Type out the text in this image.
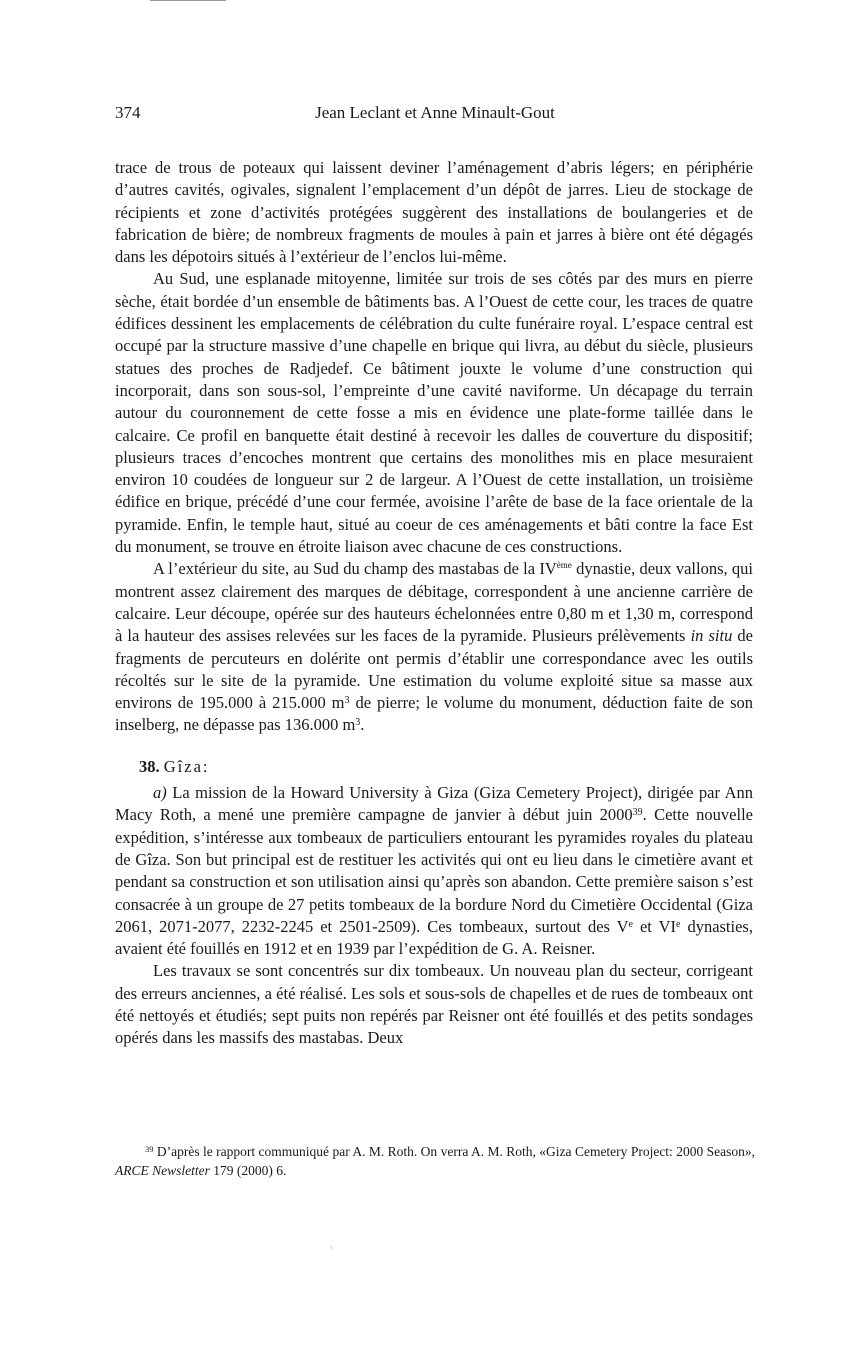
374	Jean Leclant et Anne Minault-Gout

trace de trous de poteaux qui laissent deviner l’aménagement d’abris légers; en périphérie d’autres cavités, ogivales, signalent l’emplacement d’un dépôt de jarres. Lieu de stockage de récipients et zone d’activités protégées suggèrent des installations de boulangeries et de fabrication de bière; de nombreux fragments de moules à pain et jarres à bière ont été dégagés dans les dépotoirs situés à l’extérieur de l’enclos lui-même.

Au Sud, une esplanade mitoyenne, limitée sur trois de ses côtés par des murs en pierre sèche, était bordée d’un ensemble de bâtiments bas. A l’Ouest de cette cour, les traces de quatre édifices dessinent les emplacements de célébration du culte funéraire royal. L’espace central est occupé par la structure massive d’une chapelle en brique qui livra, au début du siècle, plusieurs statues des proches de Radjedef. Ce bâtiment jouxte le volume d’une construction qui incorporait, dans son sous-sol, l’empreinte d’une cavité naviforme. Un décapage du terrain autour du couronnement de cette fosse a mis en évidence une plate-forme taillée dans le calcaire. Ce profil en banquette était destiné à recevoir les dalles de couverture du dispositif; plusieurs traces d’encoches montrent que certains des monolithes mis en place mesuraient environ 10 coudées de longueur sur 2 de largeur. A l’Ouest de cette installation, un troisième édifice en brique, précédé d’une cour fermée, avoisine l’arête de base de la face orientale de la pyramide. Enfin, le temple haut, situé au coeur de ces aménagements et bâti contre la face Est du monument, se trouve en étroite liaison avec chacune de ces constructions.

A l’extérieur du site, au Sud du champ des mastabas de la IVème dynastie, deux vallons, qui montrent assez clairement des marques de débitage, correspondent à une ancienne carrière de calcaire. Leur découpe, opérée sur des hauteurs échelonnées entre 0,80 m et 1,30 m, correspond à la hauteur des assises relevées sur les faces de la pyramide. Plusieurs prélèvements in situ de fragments de percuteurs en dolérite ont permis d’établir une correspondance avec les outils récoltés sur le site de la pyramide. Une estimation du volume exploité situe sa masse aux environs de 195.000 à 215.000 $m^3$ de pierre; le volume du monument, déduction faite de son inselberg, ne dépasse pas 136.000 $m^3$.

38. Gîza:

a) La mission de la Howard University à Giza (Giza Cemetery Project), dirigée par Ann Macy Roth, a mené une première campagne de janvier à début juin 2000$^{39}$. Cette nouvelle expédition, s’intéresse aux tombeaux de particuliers entourant les pyramides royales du plateau de Gîza. Son but principal est de restituer les activités qui ont eu lieu dans le cimetière avant et pendant sa construction et son utilisation ainsi qu’après son abandon. Cette première saison s’est consacrée à un groupe de 27 petits tombeaux de la bordure Nord du Cimetière Occidental (Giza 2061, 2071-2077, 2232-2245 et 2501-2509). Ces tombeaux, surtout des Ve et VIe dynasties, avaient été fouillés en 1912 et en 1939 par l’expédition de G. A. Reisner.

Les travaux se sont concentrés sur dix tombeaux. Un nouveau plan du secteur, corrigeant des erreurs anciennes, a été réalisé. Les sols et sous-sols de chapelles et de rues de tombeaux ont été nettoyés et étudiés; sept puits non repérés par Reisner ont été fouillés et des petits sondages opérés dans les massifs des mastabas. Deux

$^{39}$ D’après le rapport communiqué par A. M. Roth. On verra A. M. Roth, «Giza Cemetery Project: 2000 Season», ARCE Newsletter 179 (2000) 6.
